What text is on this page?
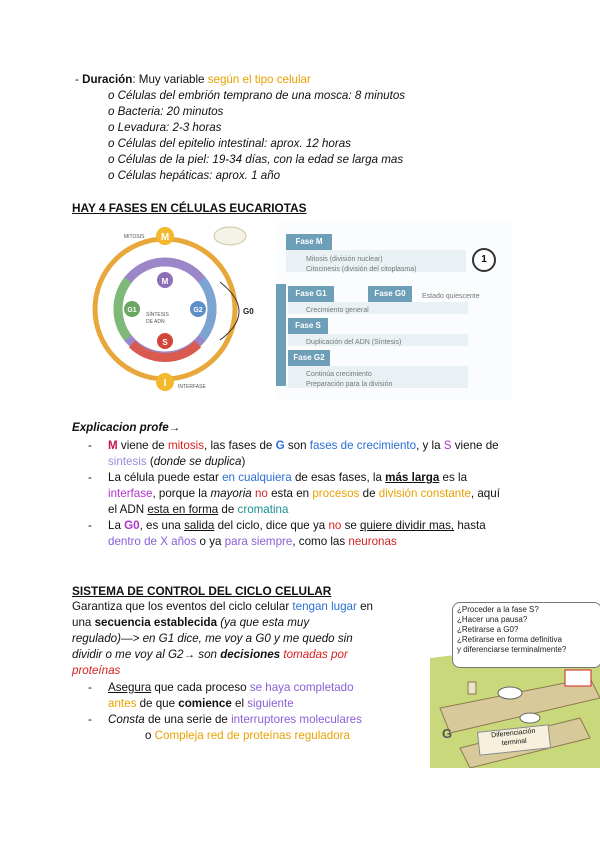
- Duración: Muy variable según el tipo celular
o Células del embrión temprano de una mosca: 8 minutos
o Bacteria: 20 minutos
o Levadura: 2-3 horas
o Células del epitelio intestinal: aprox. 12 horas
o Células de la piel: 19-34 días, con la edad se larga mas
o Células hepáticas: aprox. 1 año
HAY 4 FASES EN CÉLULAS EUCARIOTAS
M
I
M
G1	G2
S
SÍNTESIS
DE ADN
MITOSIS
INTERFASE
G0
Fase M
Mitosis (división nuclear)
Citocinesis (división del citoplasma)
1
Interfase
Fase G1	Fase G0	Estado quiescente
Crecimiento general
Fase S
Duplicación del ADN (Síntesis)
Fase G2
Continúa crecimiento
Preparación para la división
Explicacion profe→
- M viene de mitosis, las fases de G son fases de crecimiento, y la S viene de
sintesis (donde se duplica)
- La célula puede estar en cualquiera de esas fases, la más larga es la
interfase, porque la mayoria no esta en procesos de división constante, aquí
el ADN esta en forma de cromatina
- La G0, es una salida del ciclo, dice que ya no se quiere dividir mas, hasta
dentro de X años o ya para siempre, como las neuronas
SISTEMA DE CONTROL DEL CICLO CELULAR
Garantiza que los eventos del ciclo celular tengan lugar en
una secuencia establecida (ya que esta muy
regulado)—> en G1 dice, me voy a G0 y me quedo sin
dividir o me voy al G2→ son decisiones tomadas por
proteínas
- Asegura que cada proceso se haya completado
antes de que comience el siguiente
- Consta de una serie de interruptores moleculares
o Compleja red de proteínas reguladora
¿Proceder a la fase S?
¿Hacer una pausa?
¿Retirarse a G0?
¿Retirarse en forma definitiva
y diferenciarse terminalmente?
Diferenciación terminal
G
